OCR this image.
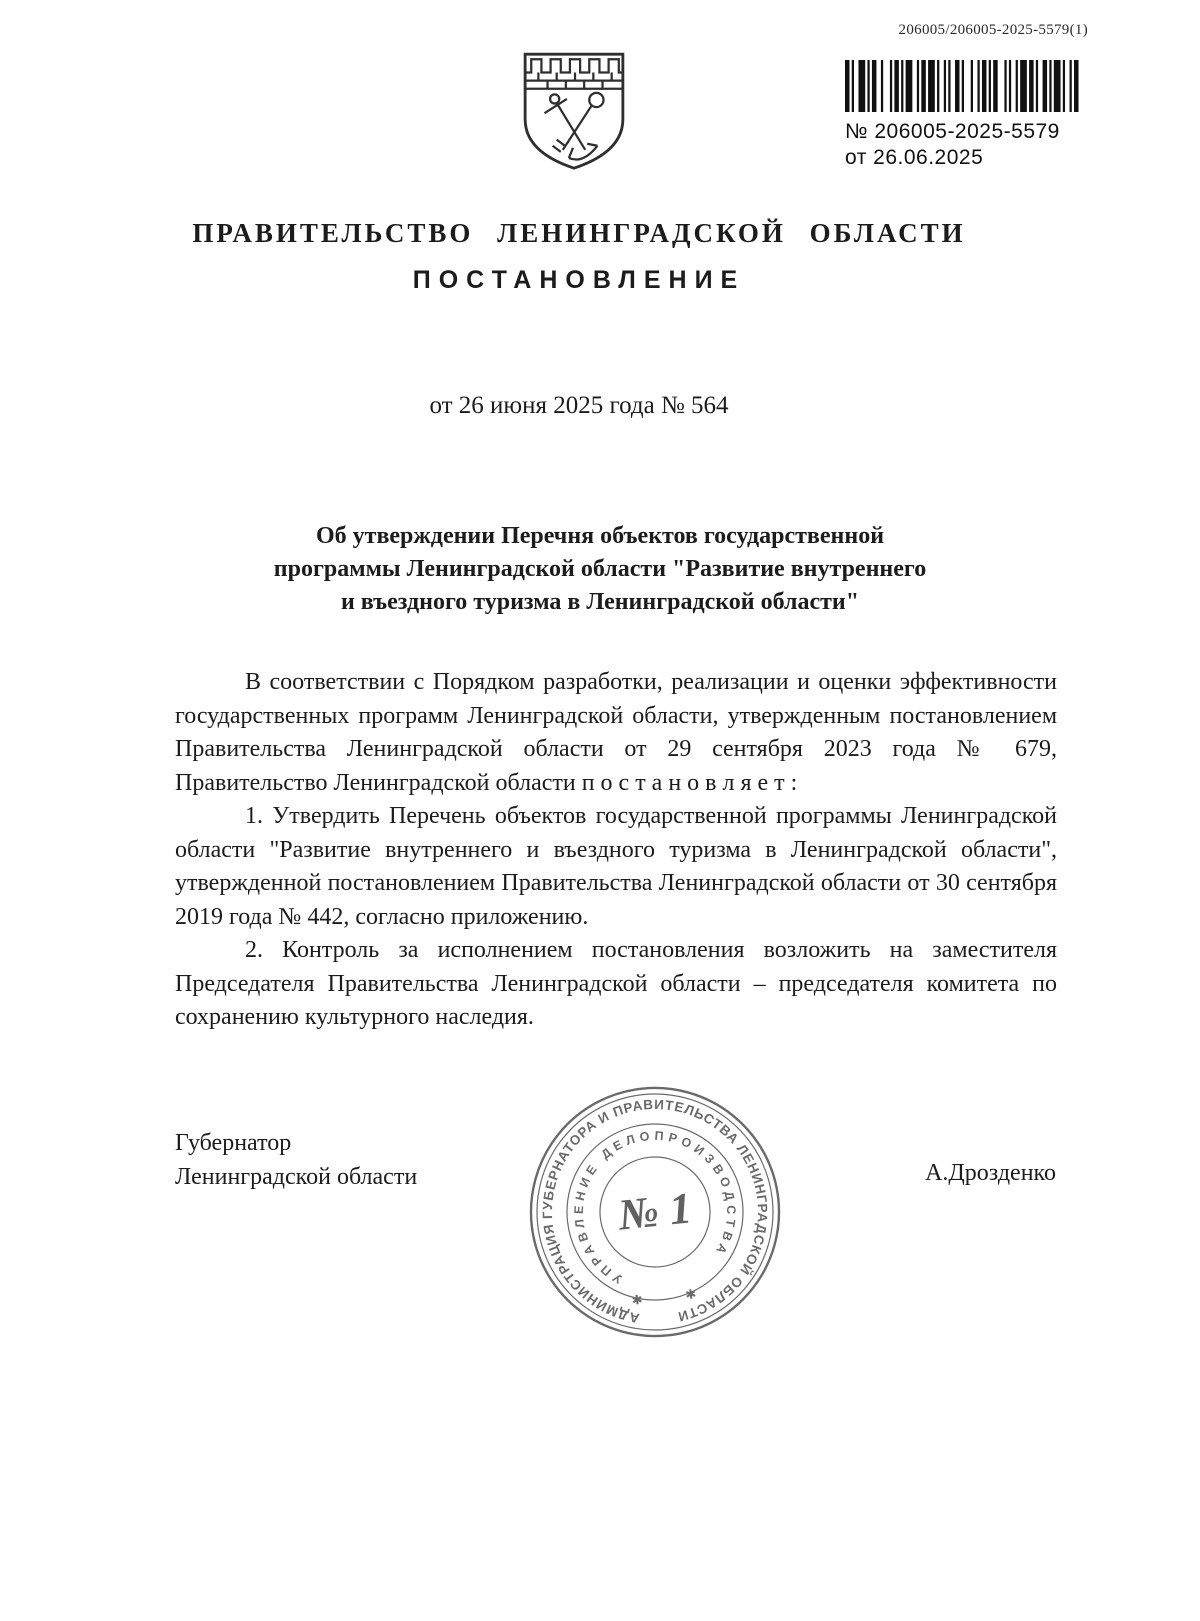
206005/206005-2025-5579(1)
№ 206005-2025-5579
от 26.06.2025
ПРАВИТЕЛЬСТВО ЛЕНИНГРАДСКОЙ ОБЛАСТИ
ПОСТАНОВЛЕНИЕ
от 26 июня 2025 года № 564
Об утверждении Перечня объектов государственной
программы Ленинградской области "Развитие внутреннего
и въездного туризма в Ленинградской области"

В соответствии с Порядком разработки, реализации и оценки эффективности государственных программ Ленинградской области, утвержденным постановлением Правительства Ленинградской области от 29 сентября 2023 года № 679, Правительство Ленинградской области п о с т а н о в л я е т :

1. Утвердить Перечень объектов государственной программы Ленинградской области "Развитие внутреннего и въездного туризма в Ленинградской области", утвержденной постановлением Правительства Ленинградской области от 30 сентября 2019 года № 442, согласно приложению.

2. Контроль за исполнением постановления возложить на заместителя Председателя Правительства Ленинградской области – председателя комитета по сохранению культурного наследия.

Губернатор
Ленинградской области	А.Дрозденко
АДМИНИСТРАЦИЯ ГУБЕРНАТОРА И ПРАВИТЕЛЬСТВА ЛЕНИНГРАДСКОЙ ОБЛАСТИ
УПРАВЛЕНИЕ ДЕЛОПРОИЗВОДСТВА
№ 1
✱	✱
